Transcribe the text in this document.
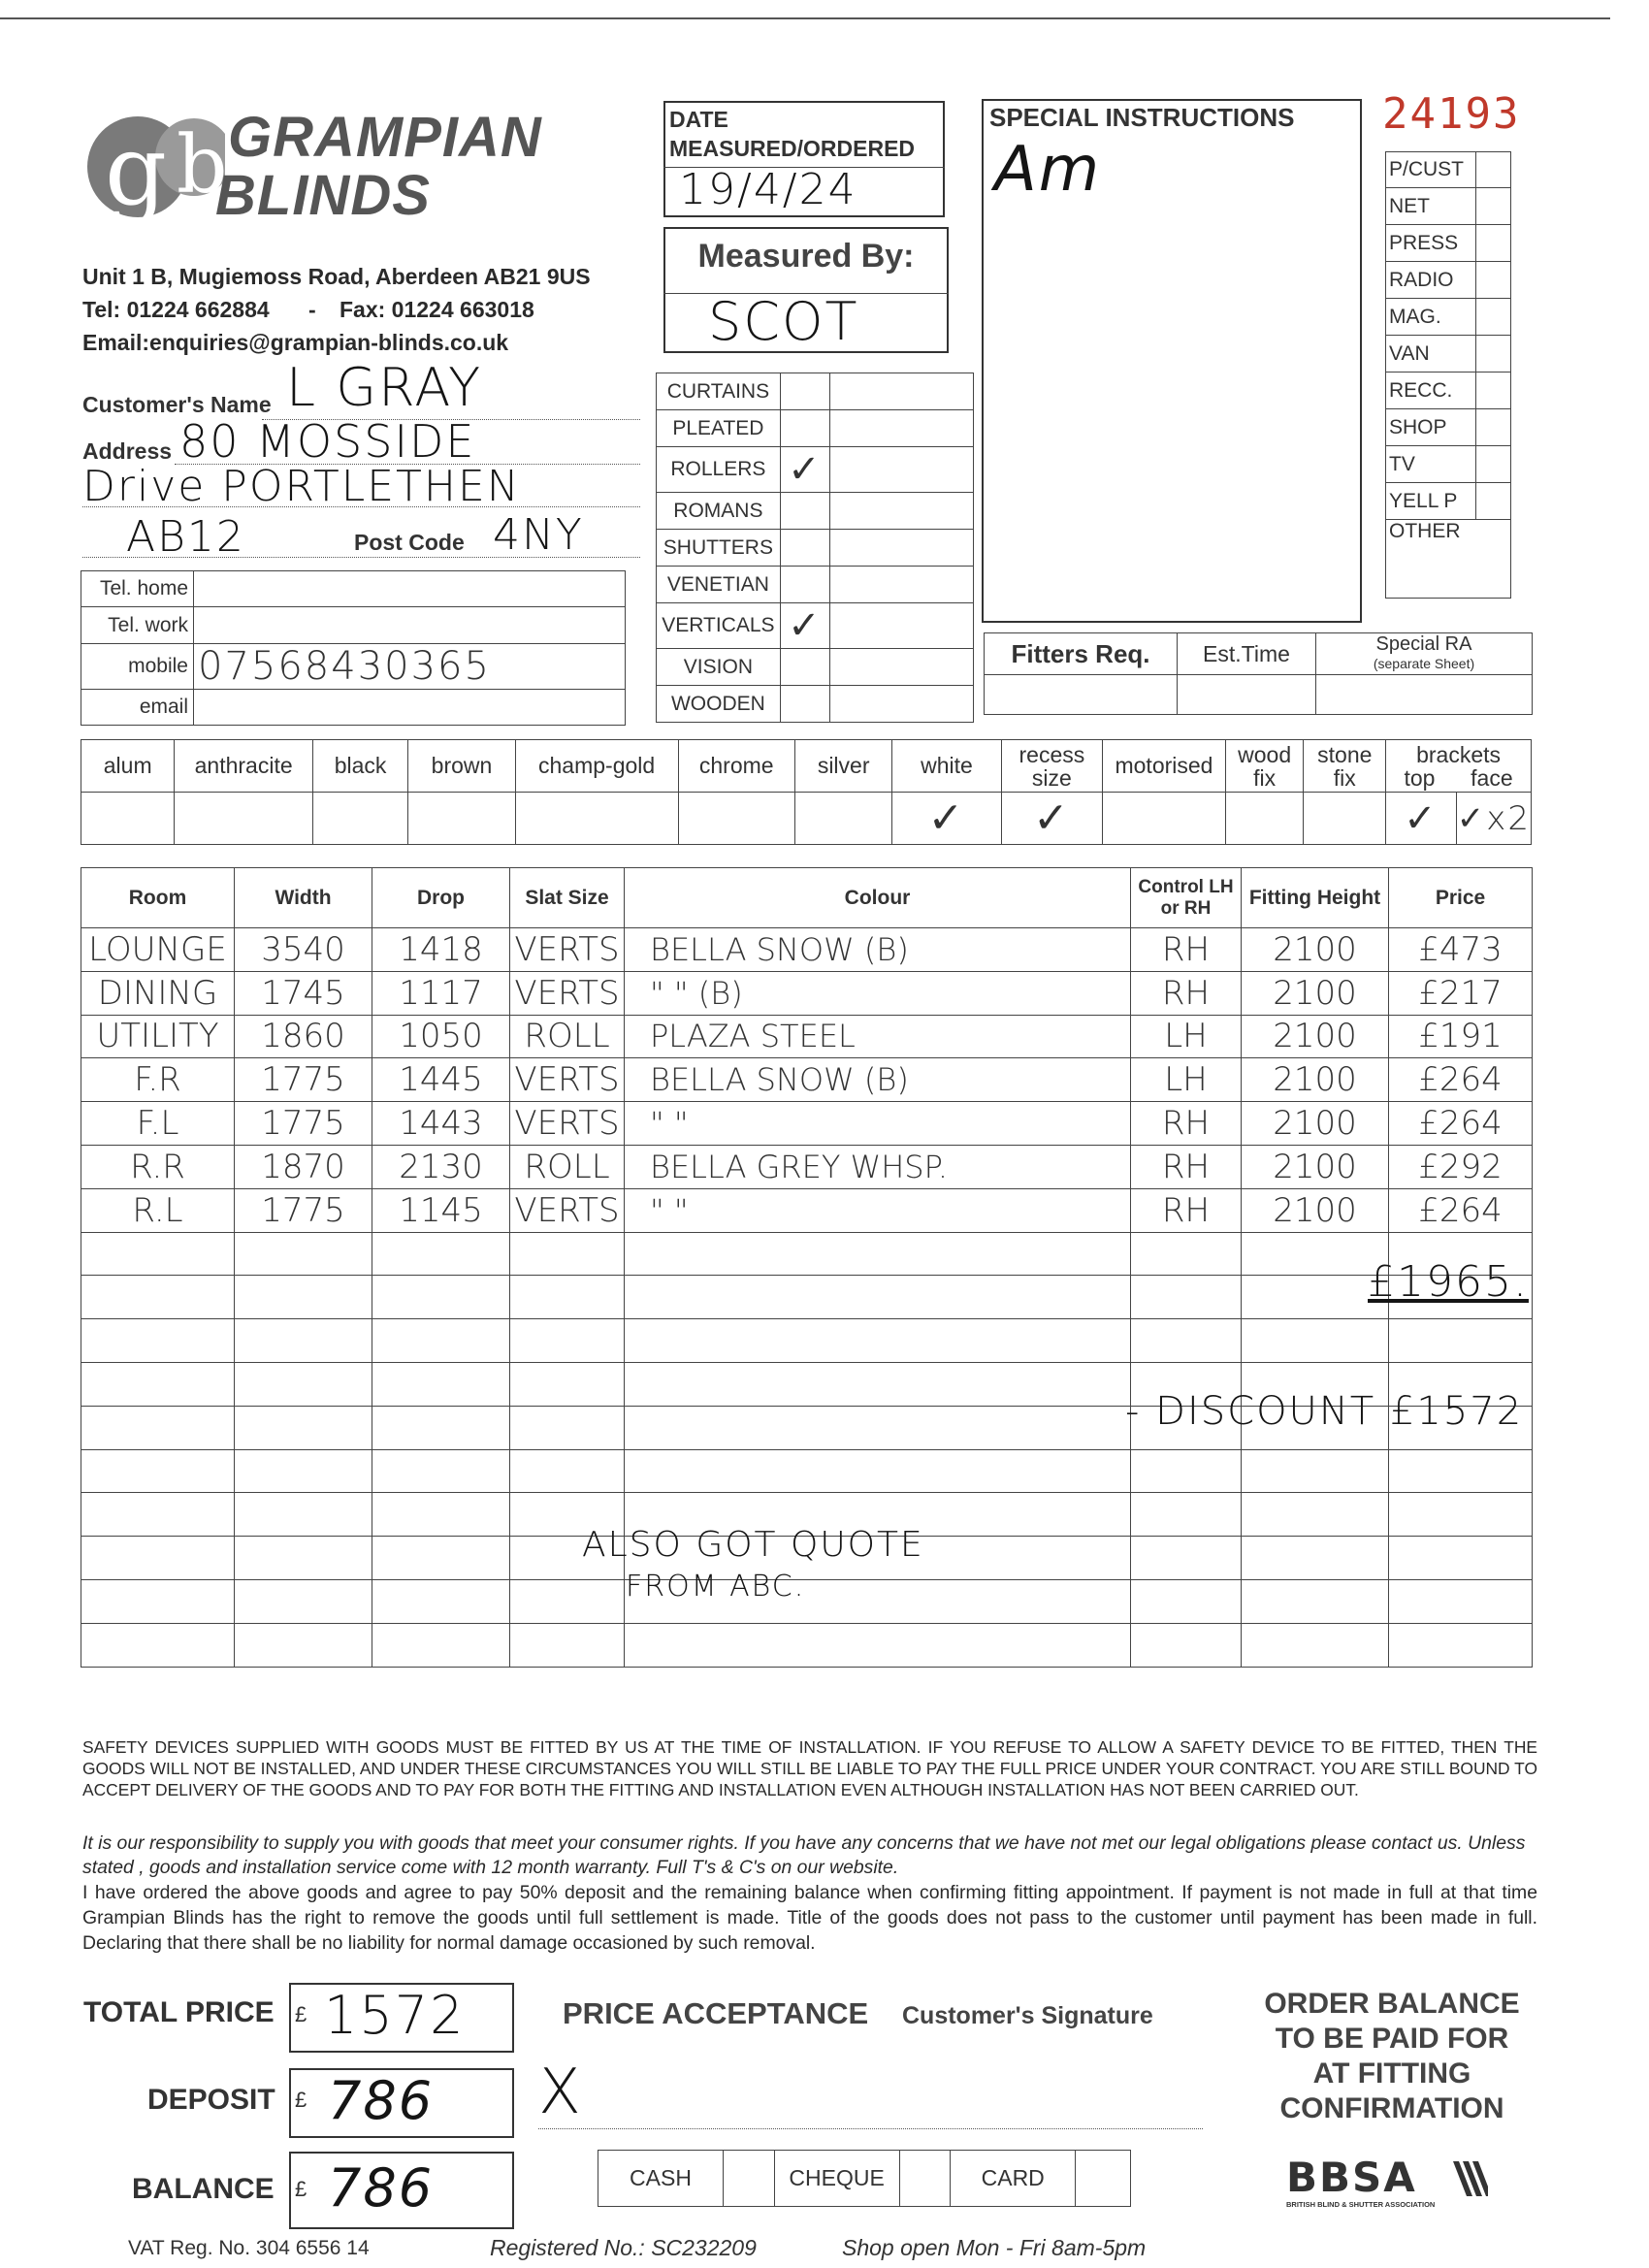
g b GRAMPIAN
BLINDS
Unit 1 B, Mugiemoss Road, Aberdeen AB21 9US
Tel: 01224 662884 - Fax: 01224 663018
Email:enquiries@grampian-blinds.co.uk
DATE
MEASURED/ORDERED
19/4/24
Measured By:
SCOT
SPECIAL INSTRUCTIONS
Am
24193
P/CUST	
NET	
PRESS	
RADIO	
MAG.	
VAN	
RECC.	
SHOP	
TV	
YELL P	
OTHER	
Customer's Name L GRAY
Address 80 MOSSIDE
Drive PORTLETHEN
AB12	Post Code 4NY
Tel. home	
Tel. work	
mobile	07568430365
email	
CURTAINS		
PLEATED		
ROLLERS	✓	
ROMANS		
SHUTTERS		
VENETIAN		
VERTICALS	✓	
VISION		
WOODEN		
Fitters Req.	Est.Time	Special RA
(separate Sheet)

alum	anthracite	black	brown	champ-gold	chrome	silver	white	recess size	motorised	wood fix	stone fix	brackets
top face	

							✓	✓				✓	✓x2
Room	Width	Drop	Slat Size	Colour	Control LH or RH	Fitting Height	Price
LOUNGE	3540	1418	VERTS	BELLA SNOW (B)	RH	2100	£473
DINING	1745	1117	VERTS	" " (B)	RH	2100	£217
UTILITY	1860	1050	ROLL	PLAZA STEEL	LH	2100	£191
F.R	1775	1445	VERTS	BELLA SNOW (B)	LH	2100	£264
F.L	1775	1443	VERTS	" "	RH	2100	£264
R.R	1870	2130	ROLL	BELLA GREY WHSP.	RH	2100	£292
R.L	1775	1145	VERTS	" "	RH	2100	£264

£1965.
- DISCOUNT £1572
ALSO GOT QUOTE
FROM ABC.
SAFETY DEVICES SUPPLIED WITH GOODS MUST BE FITTED BY US AT THE TIME OF INSTALLATION. IF YOU REFUSE TO ALLOW A SAFETY DEVICE TO BE FITTED, THEN THE GOODS WILL NOT BE INSTALLED, AND UNDER THESE CIRCUMSTANCES YOU WILL STILL BE LIABLE TO PAY THE FULL PRICE UNDER YOUR CONTRACT. YOU ARE STILL BOUND TO ACCEPT DELIVERY OF THE GOODS AND TO PAY FOR BOTH THE FITTING AND INSTALLATION EVEN ALTHOUGH INSTALLATION HAS NOT BEEN CARRIED OUT.
It is our responsibility to supply you with goods that meet your consumer rights. If you have any concerns that we have not met our legal obligations please contact us. Unless stated , goods and installation service come with 12 month warranty. Full T's & C's on our website.
I have ordered the above goods and agree to pay 50% deposit and the remaining balance when confirming fitting appointment. If payment is not made in full at that time Grampian Blinds has the right to remove the goods until full settlement is made. Title of the goods does not pass to the customer until payment has been made in full. Declaring that there shall be no liability for normal damage occasioned by such removal.
TOTAL PRICE £ 1572
DEPOSIT £ 786
BALANCE £ 786
PRICE ACCEPTANCE Customer's Signature
X
CASH		CHEQUE		CARD	
ORDER BALANCE
TO BE PAID FOR
AT FITTING
CONFIRMATION
BBSA
BRITISH BLIND & SHUTTER ASSOCIATION
VAT Reg. No. 304 6556 14	Registered No.: SC232209	Shop open Mon - Fri 8am-5pm
